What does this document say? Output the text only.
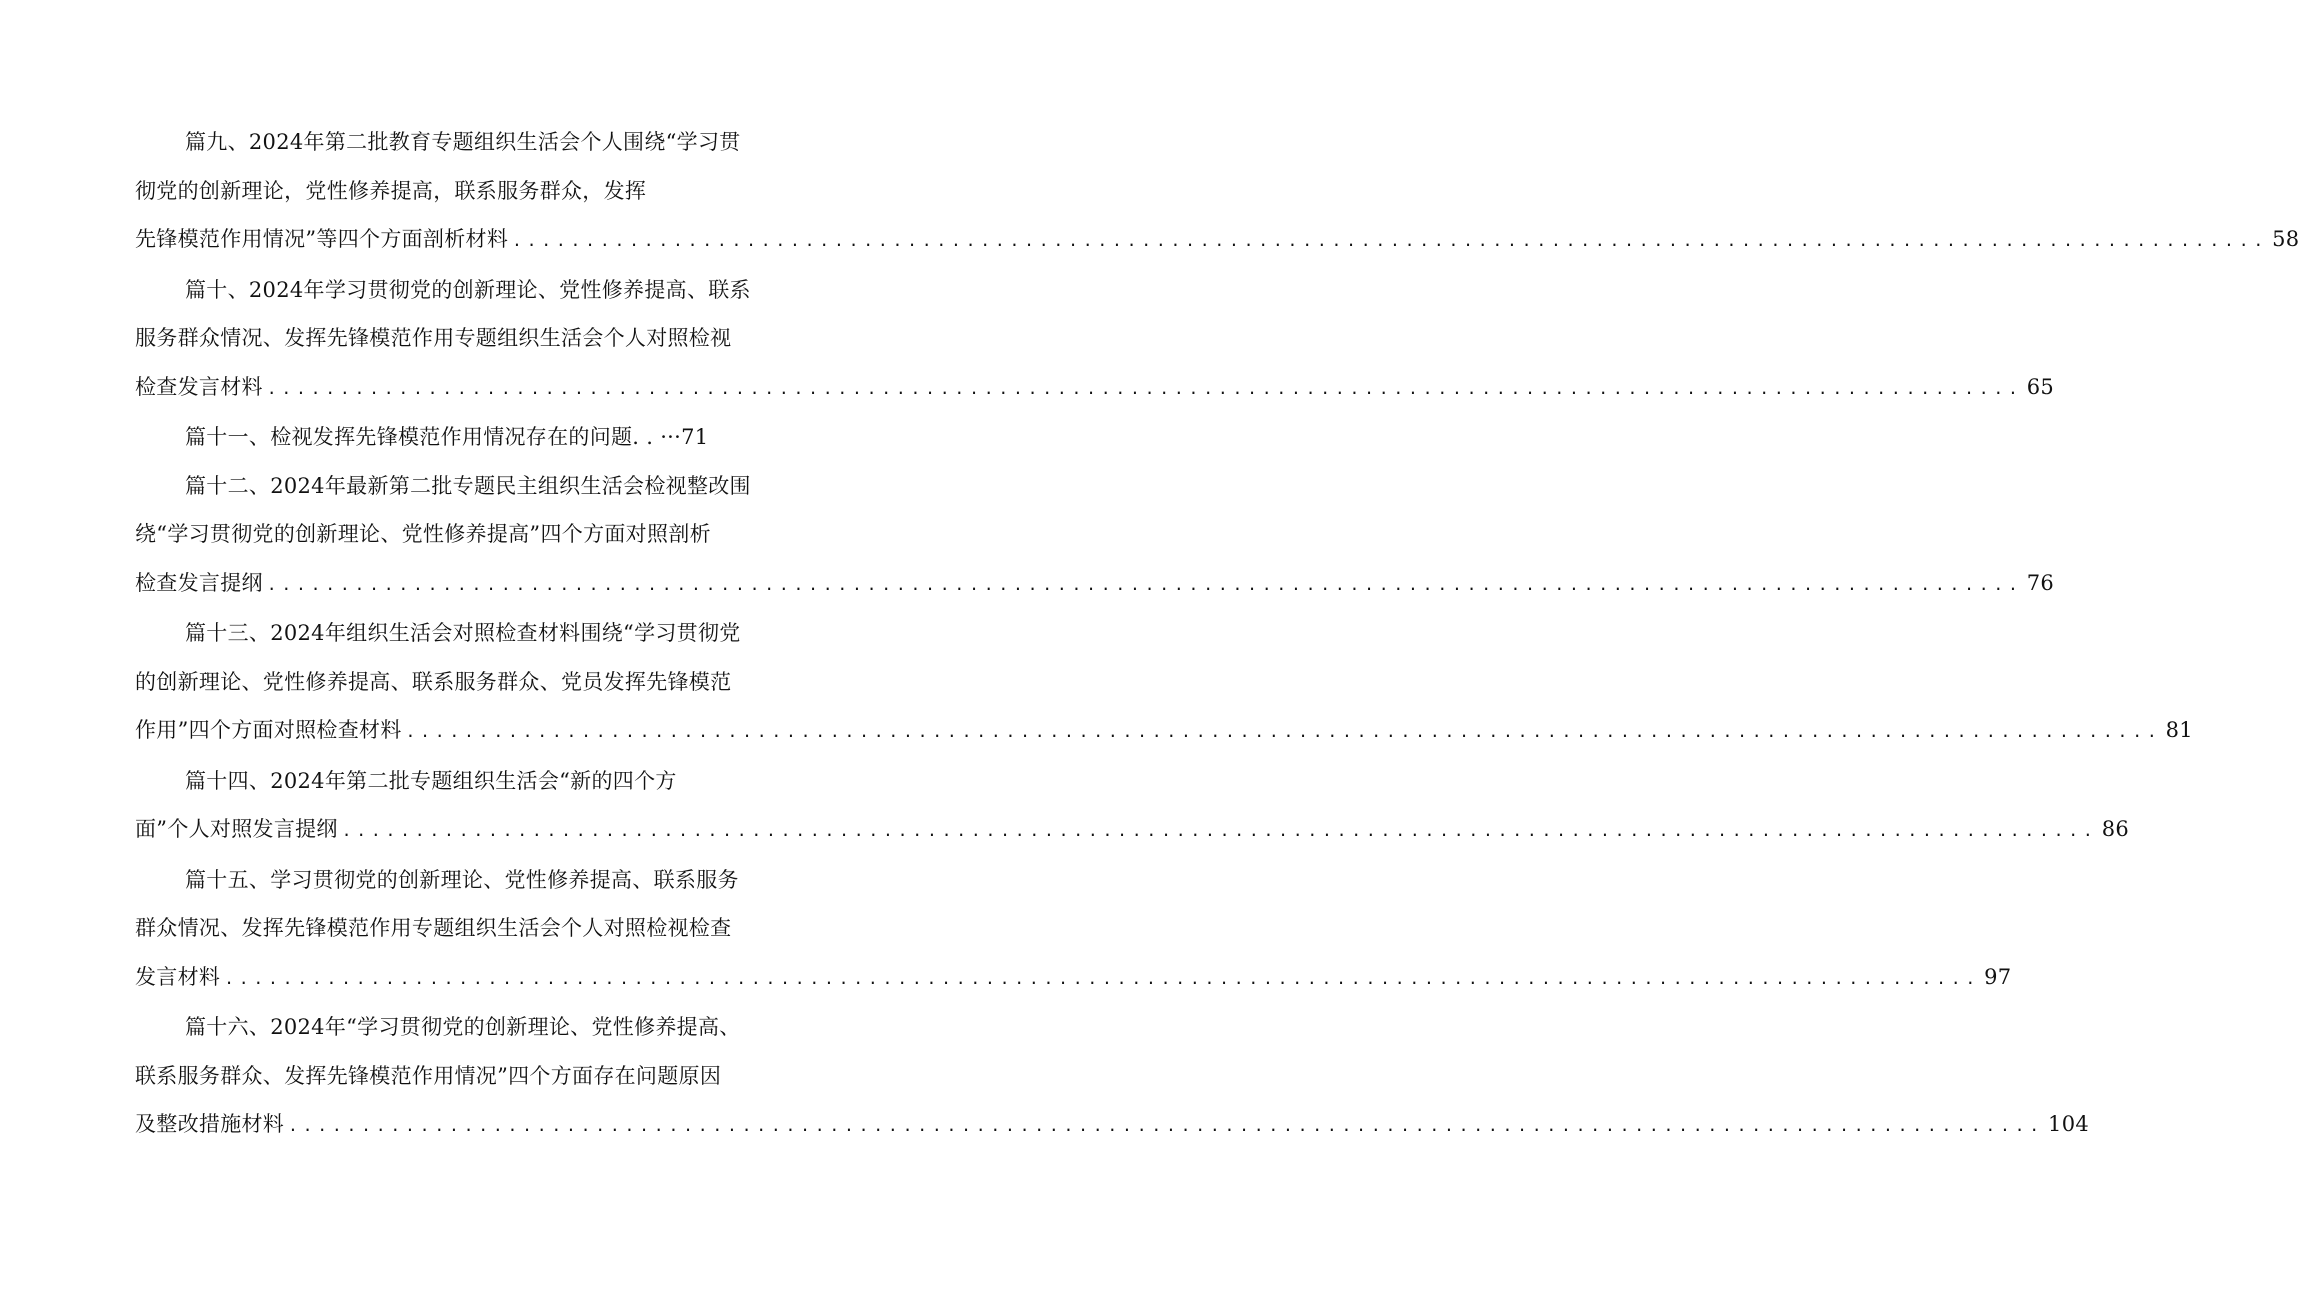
篇九、2024年第二批教育专题组织生活会个人围绕“学习贯
彻党的创新理论，党性修养提高，联系服务群众，发挥
先锋模范作用情况”等四个方面剖析材料 ........................................................................................................................ 58
篇十、2024年学习贯彻党的创新理论、党性修养提高、联系
服务群众情况、发挥先锋模范作用专题组织生活会个人对照检视
检查发言材料 ........................................................................................................................ 65
篇十一、检视发挥先锋模范作用情况存在的问题. . ···71
篇十二、2024年最新第二批专题民主组织生活会检视整改围
绕“学习贯彻党的创新理论、党性修养提高”四个方面对照剖析
检查发言提纲 ........................................................................................................................ 76
篇十三、2024年组织生活会对照检查材料围绕“学习贯彻党
的创新理论、党性修养提高、联系服务群众、党员发挥先锋模范
作用”四个方面对照检查材料 ........................................................................................................................ 81
篇十四、2024年第二批专题组织生活会“新的四个方
面”个人对照发言提纲 ........................................................................................................................ 86
篇十五、学习贯彻党的创新理论、党性修养提高、联系服务
群众情况、发挥先锋模范作用专题组织生活会个人对照检视检查
发言材料 ........................................................................................................................ 97
篇十六、2024年“学习贯彻党的创新理论、党性修养提高、
联系服务群众、发挥先锋模范作用情况”四个方面存在问题原因
及整改措施材料 ........................................................................................................................ 104
